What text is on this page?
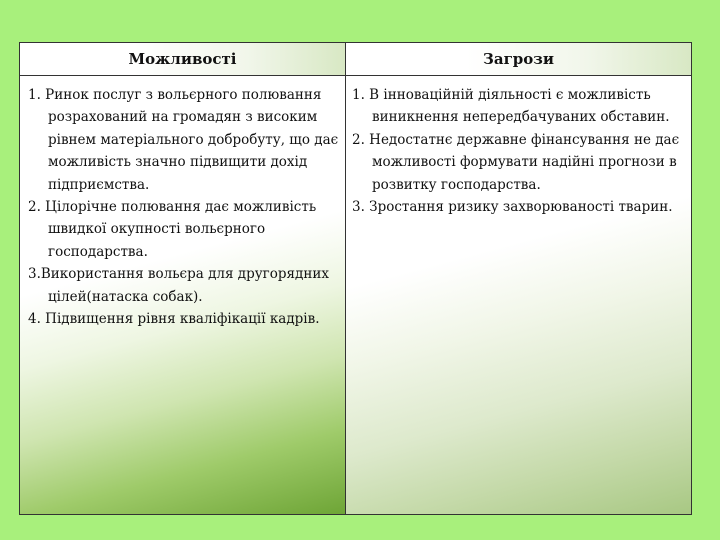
Можливості	Загрози
1. Ринок послуг з вольєрного полювання розрахований на громадян з високим рівнем матеріального добробуту, що дає можливість значно підвищити дохід підприємства.
2. Цілорічне полювання дає можливість швидкої окупності вольєрного господарства.
3.Використання вольєра для другорядних цілей(натаска собак).
4. Підвищення рівня кваліфікації кадрів.
1. В інноваційній діяльності є можливість виникнення непередбачуваних обставин.
2. Недостатнє державне фінансування не дає можливості формувати надійні прогнози в розвитку господарства.
3. Зростання ризику захворюваності тварин.
